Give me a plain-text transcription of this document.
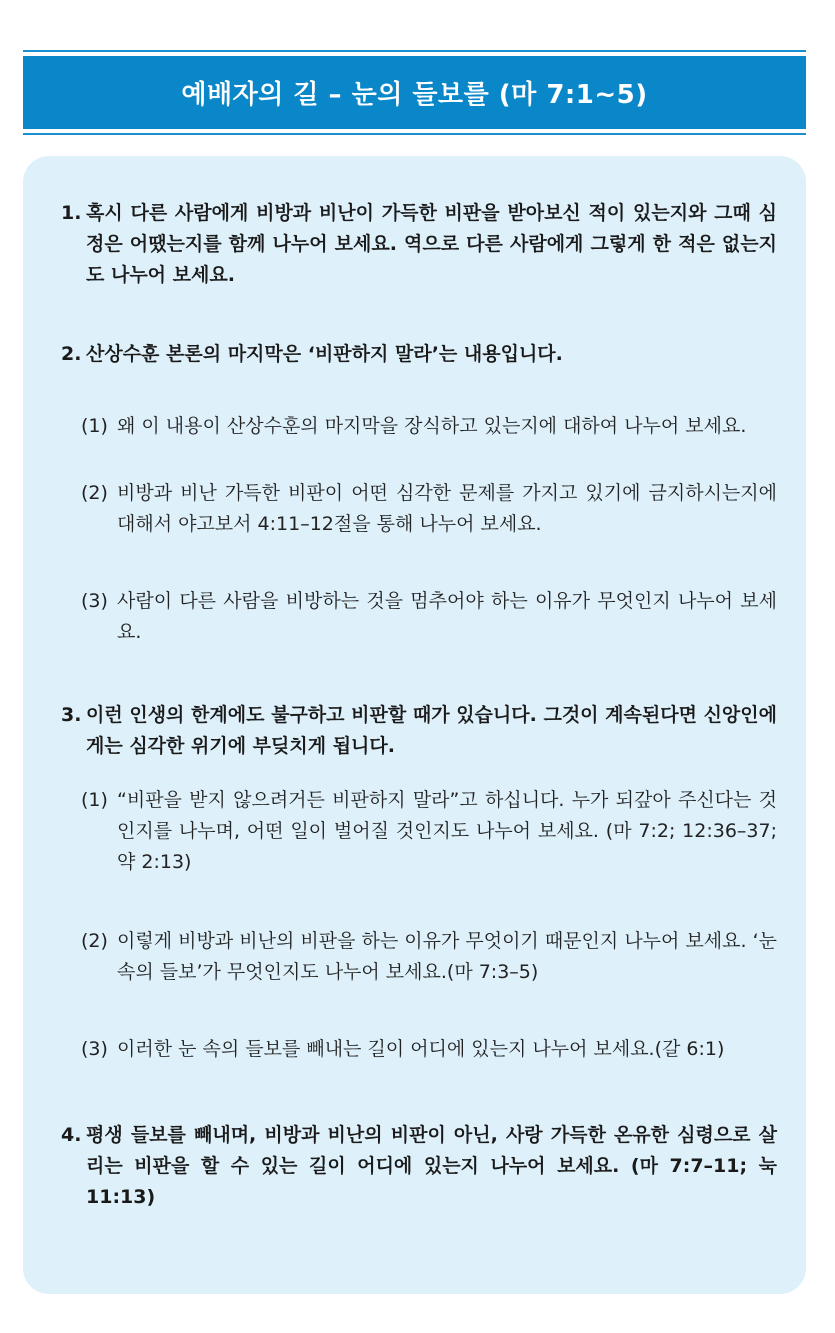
예배자의 길 – 눈의 들보를 (마 7:1~5)
1. 혹시 다른 사람에게 비방과 비난이 가득한 비판을 받아보신 적이 있는지와 그때 심정은 어땠는지를 함께 나누어 보세요. 역으로 다른 사람에게 그렇게 한 적은 없는지도 나누어 보세요.
2. 산상수훈 본론의 마지막은 ‘비판하지 말라’는 내용입니다.
(1) 왜 이 내용이 산상수훈의 마지막을 장식하고 있는지에 대하여 나누어 보세요.
(2) 비방과 비난 가득한 비판이 어떤 심각한 문제를 가지고 있기에 금지하시는지에 대해서 야고보서 4:11–12절을 통해 나누어 보세요.
(3) 사람이 다른 사람을 비방하는 것을 멈추어야 하는 이유가 무엇인지 나누어 보세요.
3. 이런 인생의 한계에도 불구하고 비판할 때가 있습니다. 그것이 계속된다면 신앙인에게는 심각한 위기에 부딪치게 됩니다.
(1) “비판을 받지 않으려거든 비판하지 말라”고 하십니다. 누가 되갚아 주신다는 것인지를 나누며, 어떤 일이 벌어질 것인지도 나누어 보세요. (마 7:2; 12:36–37; 약 2:13)
(2) 이렇게 비방과 비난의 비판을 하는 이유가 무엇이기 때문인지 나누어 보세요. ‘눈 속의 들보’가 무엇인지도 나누어 보세요.(마 7:3–5)
(3) 이러한 눈 속의 들보를 빼내는 길이 어디에 있는지 나누어 보세요.(갈 6:1)
4. 평생 들보를 빼내며, 비방과 비난의 비판이 아닌, 사랑 가득한 온유한 심령으로 살리는 비판을 할 수 있는 길이 어디에 있는지 나누어 보세요. (마 7:7–11; 눅 11:13)
